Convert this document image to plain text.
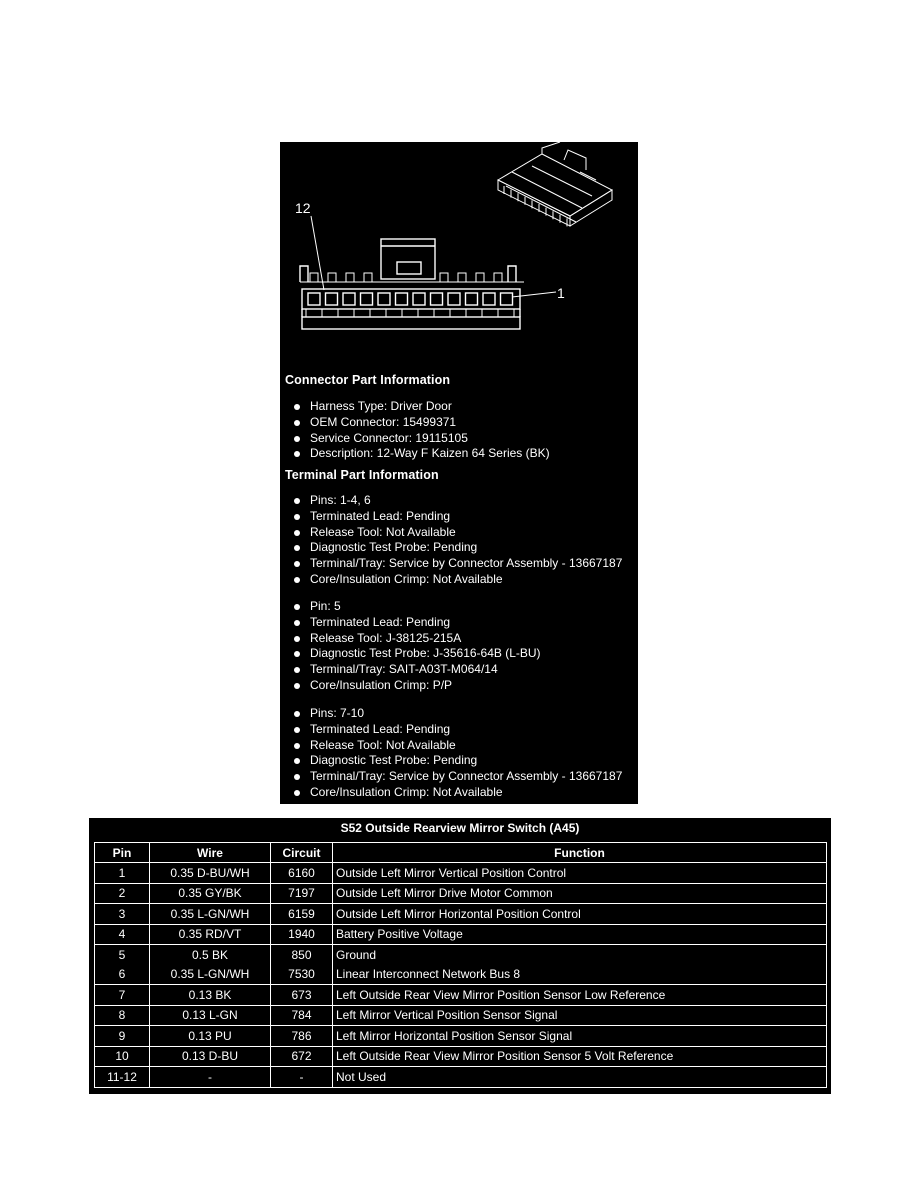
12
1
Connector Part Information
Harness Type: Driver Door
OEM Connector: 15499371
Service Connector: 19115105
Description: 12-Way F Kaizen 64 Series (BK)
Terminal Part Information
Pins: 1-4, 6
Terminated Lead: Pending
Release Tool: Not Available
Diagnostic Test Probe: Pending
Terminal/Tray: Service by Connector Assembly - 13667187
Core/Insulation Crimp: Not Available
Pin: 5
Terminated Lead: Pending
Release Tool: J-38125-215A
Diagnostic Test Probe: J-35616-64B (L-BU)
Terminal/Tray: SAIT-A03T-M064/14
Core/Insulation Crimp: P/P
Pins: 7-10
Terminated Lead: Pending
Release Tool: Not Available
Diagnostic Test Probe: Pending
Terminal/Tray: Service by Connector Assembly - 13667187
Core/Insulation Crimp: Not Available
S52 Outside Rearview Mirror Switch (A45)
Pin	Wire	Circuit	Function
1	0.35 D-BU/WH	6160	Outside Left Mirror Vertical Position Control
2	0.35 GY/BK	7197	Outside Left Mirror Drive Motor Common
3	0.35 L-GN/WH	6159	Outside Left Mirror Horizontal Position Control
4	0.35 RD/VT	1940	Battery Positive Voltage
5	0.5 BK	850	Ground
6	0.35 L-GN/WH	7530	Linear Interconnect Network Bus 8
7	0.13 BK	673	Left Outside Rear View Mirror Position Sensor Low Reference
8	0.13 L-GN	784	Left Mirror Vertical Position Sensor Signal
9	0.13 PU	786	Left Mirror Horizontal Position Sensor Signal
10	0.13 D-BU	672	Left Outside Rear View Mirror Position Sensor 5 Volt Reference
11-12	-	-	Not Used
